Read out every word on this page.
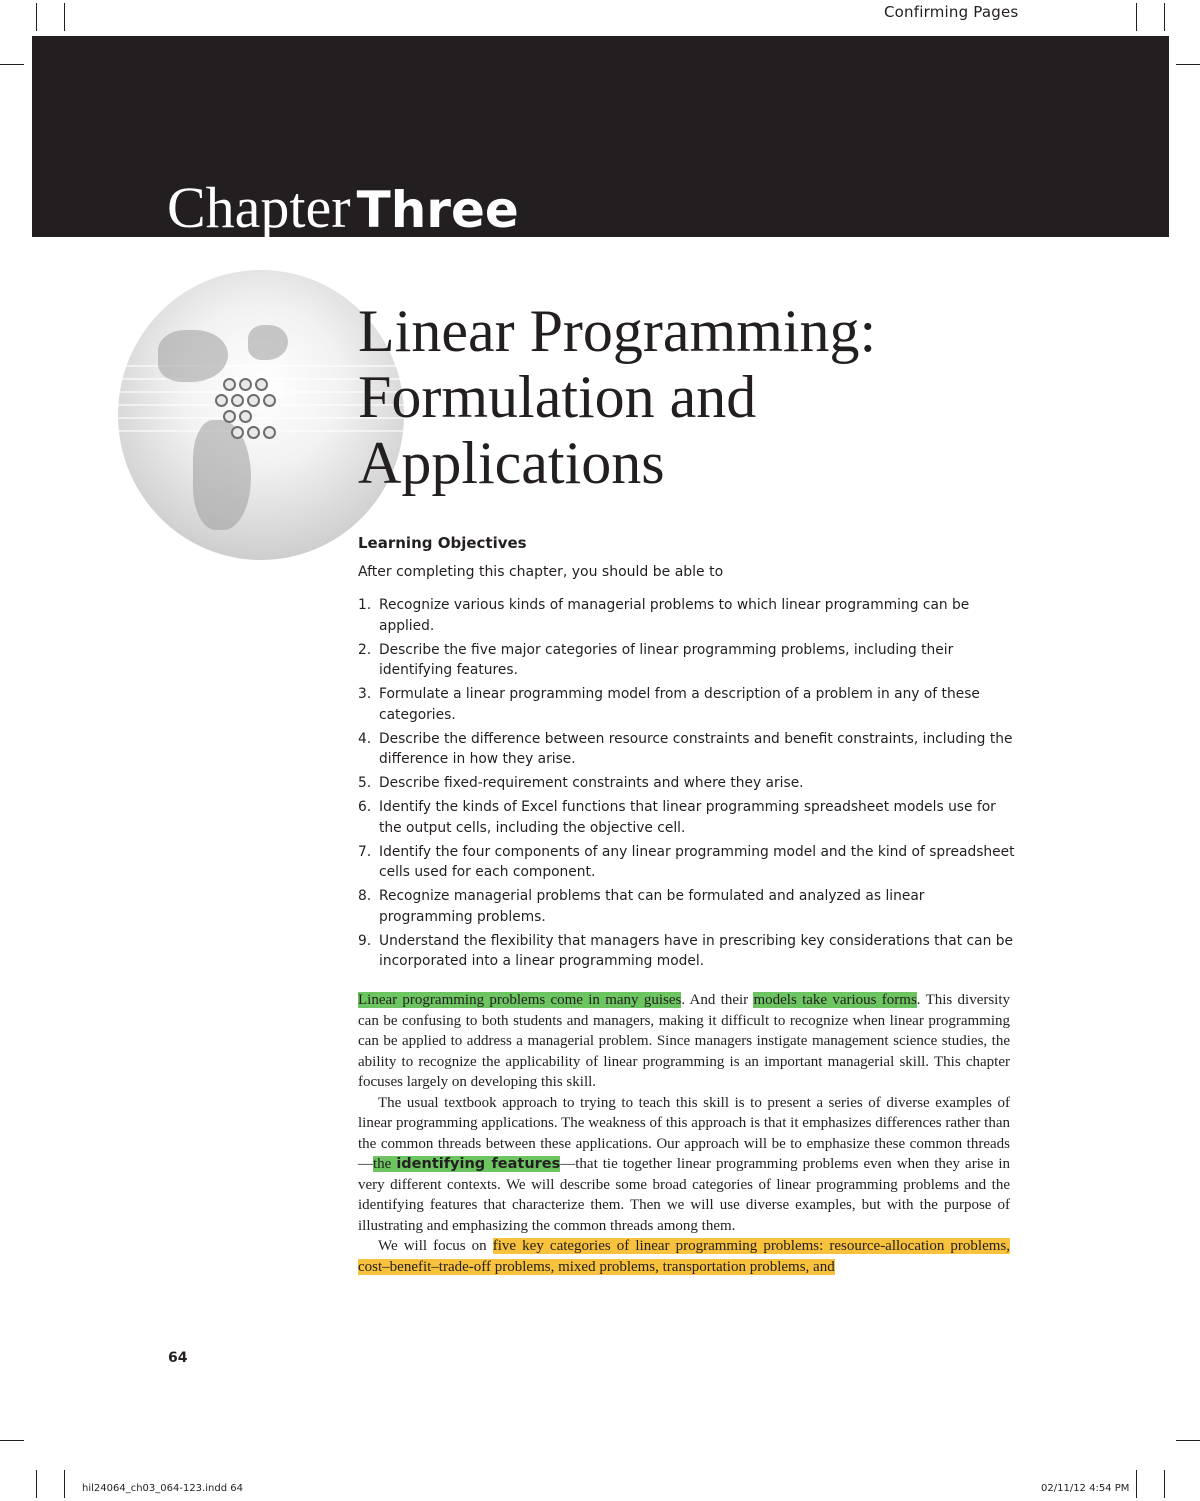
Confirming Pages
Chapter Three
Linear Programming:
Formulation and
Applications
Learning Objectives
After completing this chapter, you should be able to
1. Recognize various kinds of managerial problems to which linear programming can be applied.
2. Describe the five major categories of linear programming problems, including their identifying features.
3. Formulate a linear programming model from a description of a problem in any of these categories.
4. Describe the difference between resource constraints and benefit constraints, including the difference in how they arise.
5. Describe fixed-requirement constraints and where they arise.
6. Identify the kinds of Excel functions that linear programming spreadsheet models use for the output cells, including the objective cell.
7. Identify the four components of any linear programming model and the kind of spreadsheet cells used for each component.
8. Recognize managerial problems that can be formulated and analyzed as linear programming problems.
9. Understand the flexibility that managers have in prescribing key considerations that can be incorporated into a linear programming model.

Linear programming problems come in many guises. And their models take various forms. This diversity can be confusing to both students and managers, making it difficult to recognize when linear programming can be applied to address a managerial problem. Since managers instigate management science studies, the ability to recognize the applicability of linear programming is an important managerial skill. This chapter focuses largely on developing this skill.

The usual textbook approach to trying to teach this skill is to present a series of diverse examples of linear programming applications. The weakness of this approach is that it emphasizes differences rather than the common threads between these applications. Our approach will be to emphasize these common threads—the identifying features—that tie together linear programming problems even when they arise in very different contexts. We will describe some broad categories of linear programming problems and the identifying features that characterize them. Then we will use diverse examples, but with the purpose of illustrating and emphasizing the common threads among them.

We will focus on five key categories of linear programming problems: resource-allocation problems, cost–benefit–trade-off problems, mixed problems, transportation problems, and

64
hil24064_ch03_064-123.indd 64	02/11/12 4:54 PM
